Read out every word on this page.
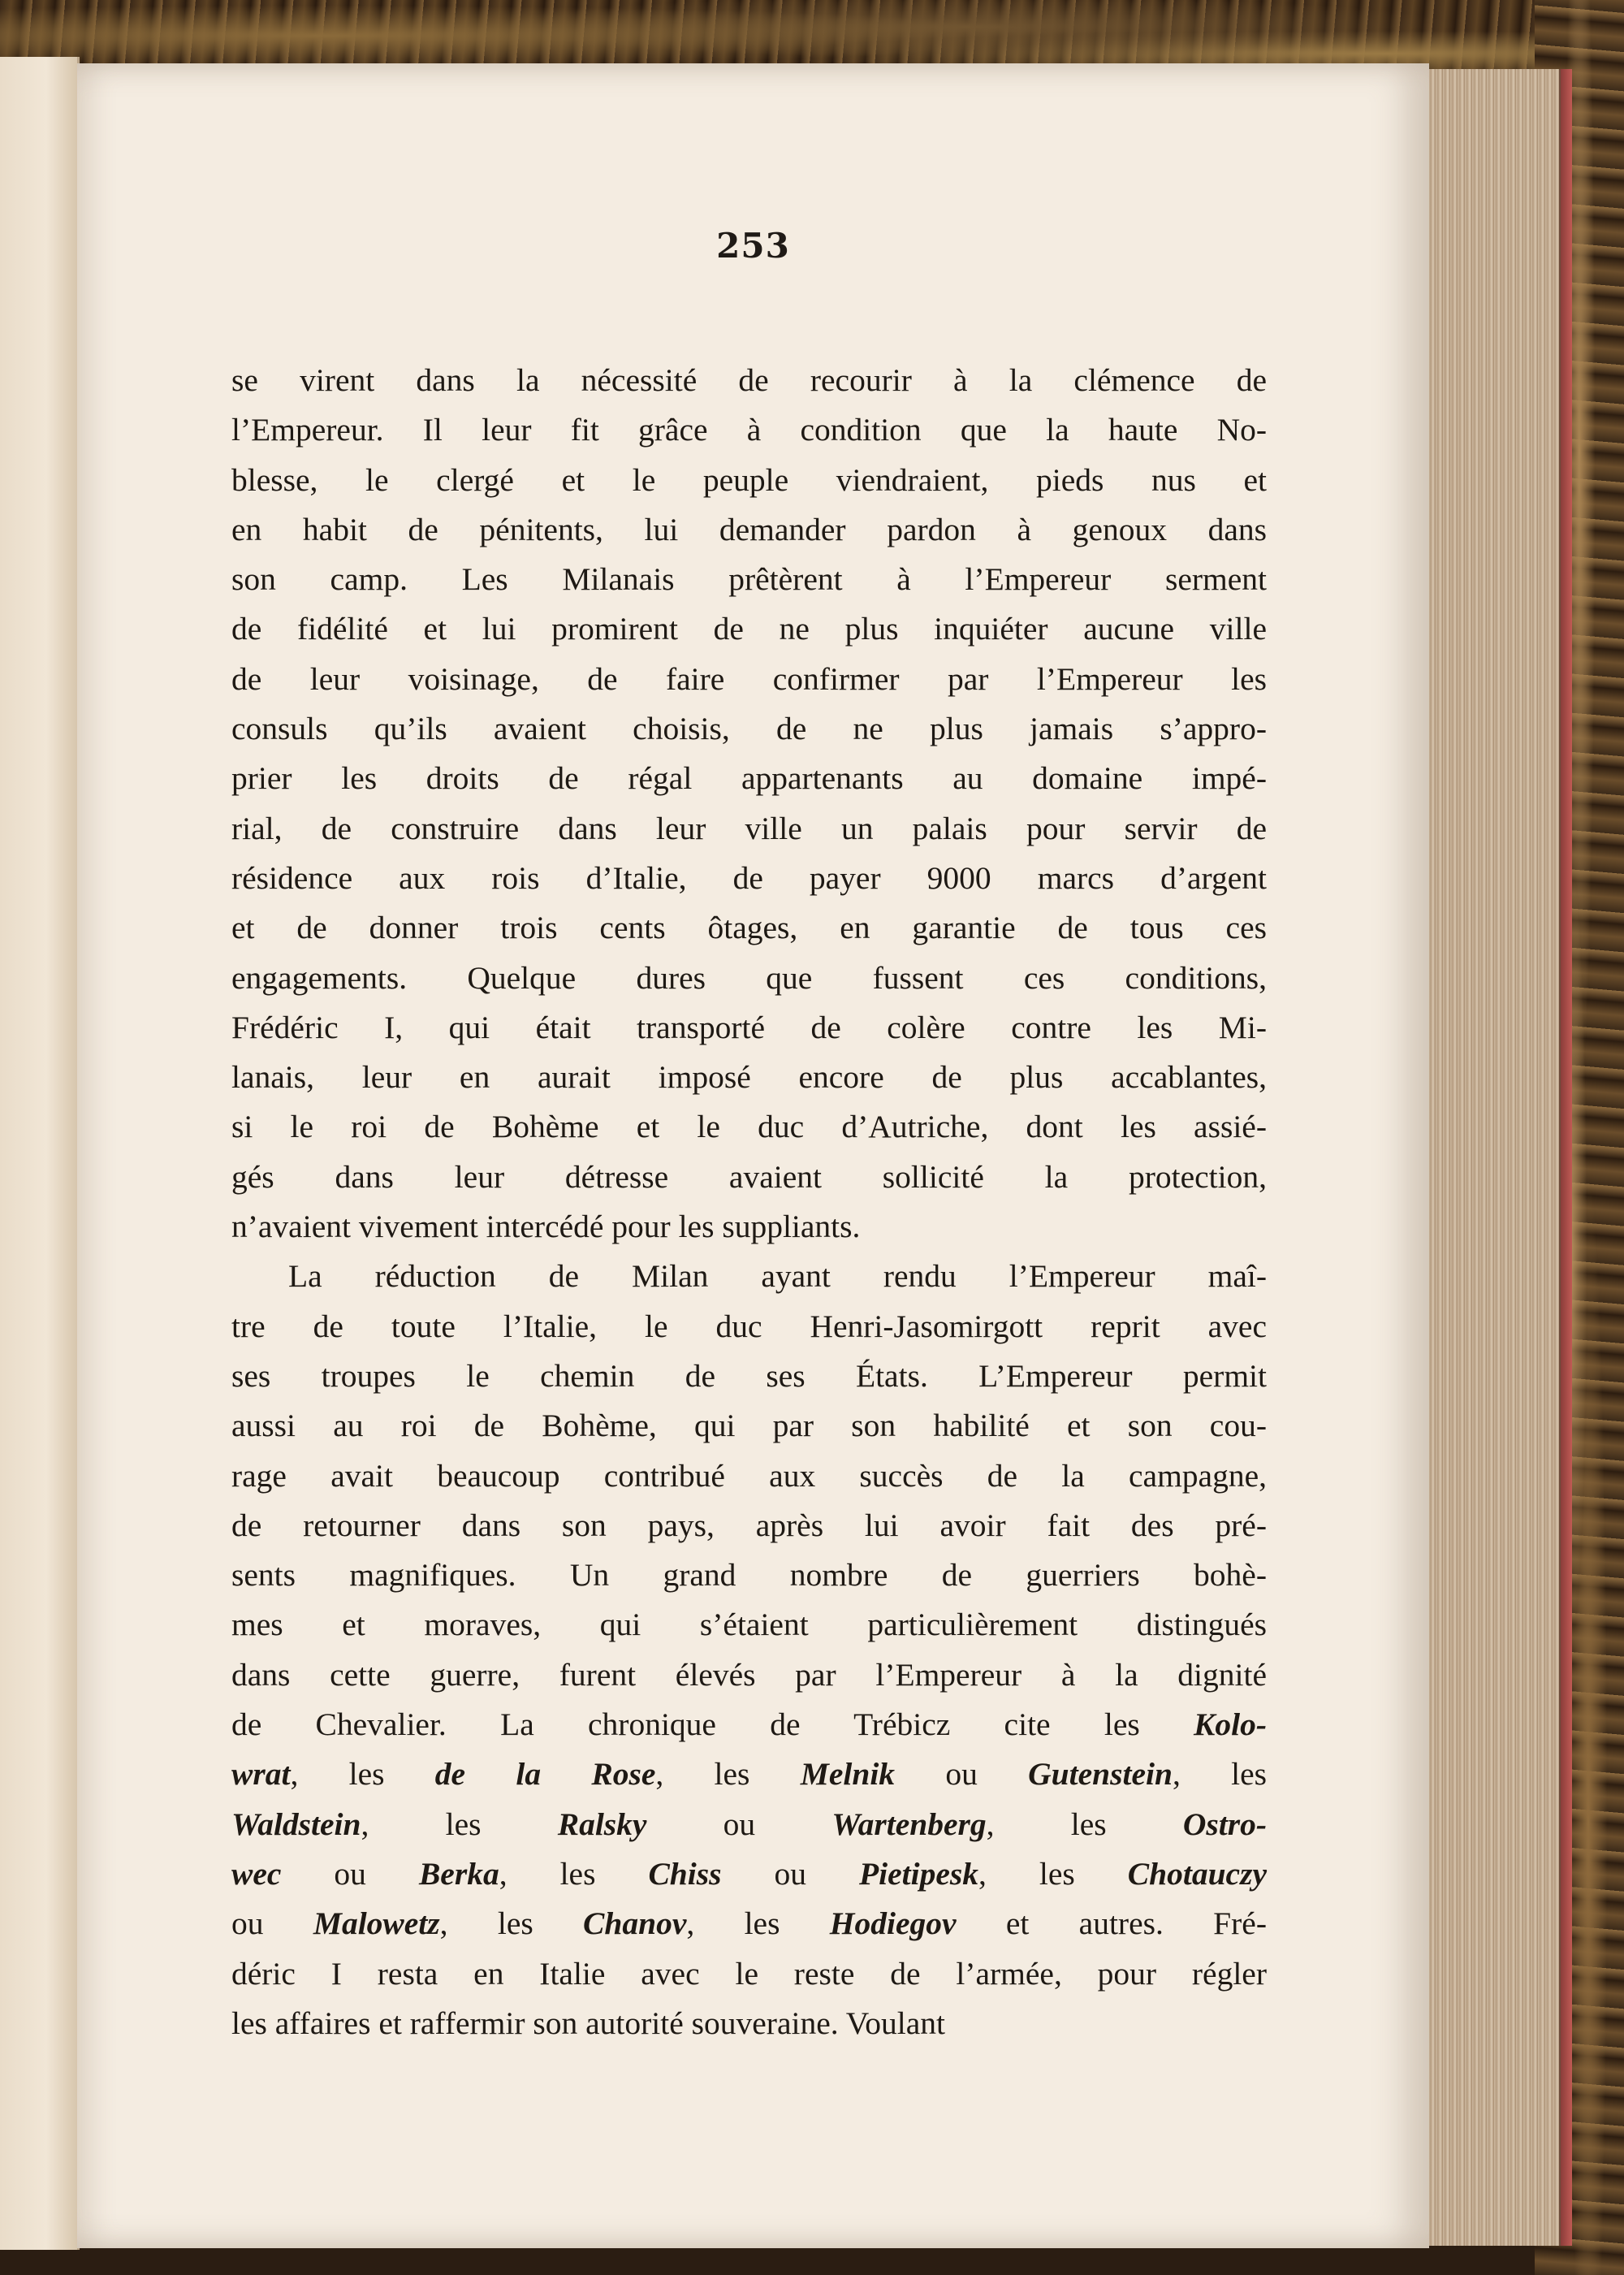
253
se virent dans la nécessité de recourir à la clémence de
l’Empereur. Il leur fit grâce à condition que la haute No-
blesse, le clergé et le peuple viendraient, pieds nus et
en habit de pénitents, lui demander pardon à genoux dans
son camp. Les Milanais prêtèrent à l’Empereur serment
de fidélité et lui promirent de ne plus inquiéter aucune ville
de leur voisinage, de faire confirmer par l’Empereur les
consuls qu’ils avaient choisis, de ne plus jamais s’appro-
prier les droits de régal appartenants au domaine impé-
rial, de construire dans leur ville un palais pour servir de
résidence aux rois d’Italie, de payer 9000 marcs d’argent
et de donner trois cents ôtages, en garantie de tous ces
engagements. Quelque dures que fussent ces conditions,
Frédéric I, qui était transporté de colère contre les Mi-
lanais, leur en aurait imposé encore de plus accablantes,
si le roi de Bohème et le duc d’Autriche, dont les assié-
gés dans leur détresse avaient sollicité la protection,
n’avaient vivement intercédé pour les suppliants.
La réduction de Milan ayant rendu l’Empereur maî-
tre de toute l’Italie, le duc Henri-Jasomirgott reprit avec
ses troupes le chemin de ses États. L’Empereur permit
aussi au roi de Bohème, qui par son habilité et son cou-
rage avait beaucoup contribué aux succès de la campagne,
de retourner dans son pays, après lui avoir fait des pré-
sents magnifiques. Un grand nombre de guerriers bohè-
mes et moraves, qui s’étaient particulièrement distingués
dans cette guerre, furent élevés par l’Empereur à la dignité
de Chevalier. La chronique de Trébicz cite les Kolo-
wrat, les de la Rose, les Melnik ou Gutenstein, les
Waldstein, les Ralsky ou Wartenberg, les Ostro-
wec ou Berka, les Chiss ou Pietipesk, les Chotauczy
ou Malowetz, les Chanov, les Hodiegov et autres. Fré-
déric I resta en Italie avec le reste de l’armée, pour régler
les affaires et raffermir son autorité souveraine. Voulant
